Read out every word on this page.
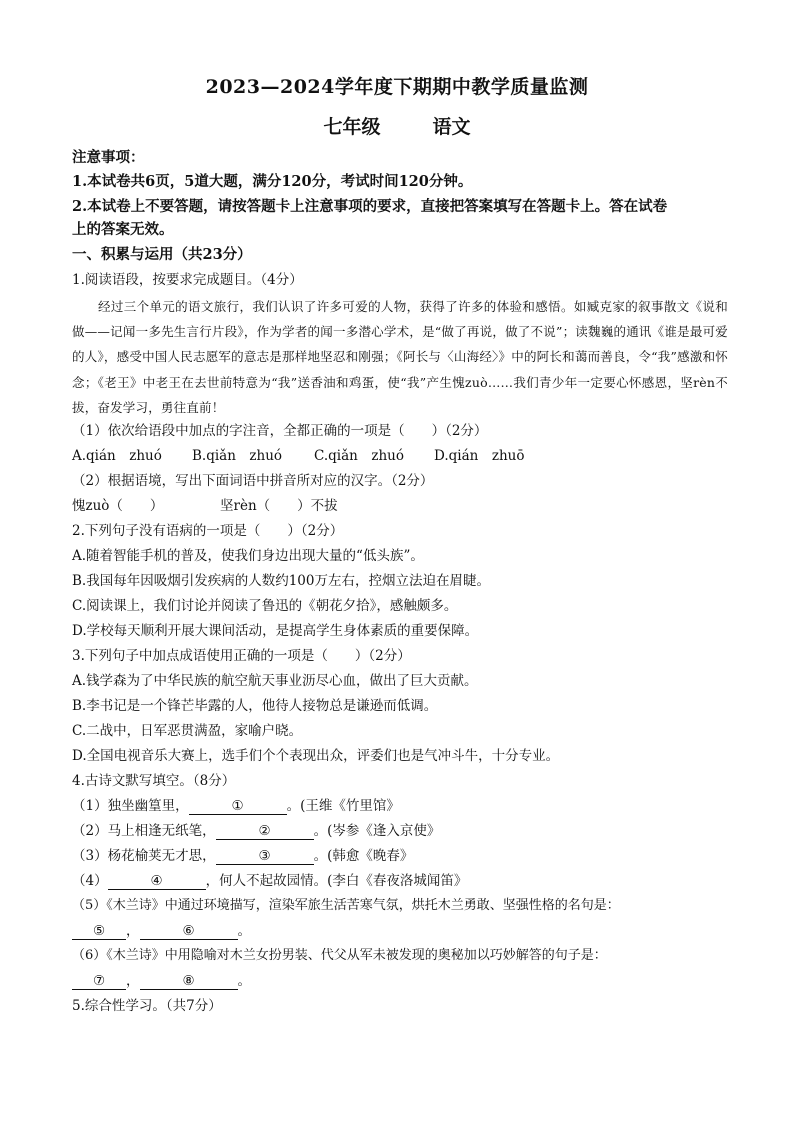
2023—2024学年度下期期中教学质量监测
七年级	语文
注意事项：
1.本试卷共6页，5道大题，满分120分，考试时间120分钟。
2.本试卷上不要答题，请按答题卡上注意事项的要求，直接把答案填写在答题卡上。答在试卷
上的答案无效。
一、积累与运用（共23分）
1.阅读语段，按要求完成题目。（4分）
经过三个单元的语文旅行，我们认识了许多可爱的人物，获得了许多的体验和感悟。如臧克家的叙事散文《说和做——记闻一多先生言行片段》，作为学者的闻一多潜心学术，是“做了再说，做了不说”；读魏巍的通讯《谁是最可爱的人》，感受中国人民志愿军的意志是那样地坚忍和刚强；《阿长与〈山海经〉》中的阿长和蔼而善良，令“我”感激和怀念；《老王》中老王在去世前特意为“我”送香油和鸡蛋，使“我”产生愧zuò……我们青少年一定要心怀感恩，坚rèn不拔，奋发学习，勇往直前！
（1）依次给语段中加点的字注音，全都正确的一项是（　　）（2分）
A.qián　zhuó B.qiǎn　zhuó C.qiǎn　zhuó D.qián　zhuō
（2）根据语境，写出下面词语中拼音所对应的汉字。（2分）
愧zuò（　　）	坚rèn（　　）不拔
2.下列句子没有语病的一项是（　　）（2分）
A.随着智能手机的普及，使我们身边出现大量的“低头族”。
B.我国每年因吸烟引发疾病的人数约100万左右，控烟立法迫在眉睫。
C.阅读课上，我们讨论并阅读了鲁迅的《朝花夕拾》，感触颇多。
D.学校每天顺利开展大课间活动，是提高学生身体素质的重要保障。
3.下列句子中加点成语使用正确的一项是（　　）（2分）
A.钱学森为了中华民族的航空航天事业沥尽心血，做出了巨大贡献。
B.李书记是一个锋芒毕露的人，他待人接物总是谦逊而低调。
C.二战中，日军恶贯满盈，家喻户晓。
D.全国电视音乐大赛上，选手们个个表现出众，评委们也是气冲斗牛，十分专业。
4.古诗文默写填空。（8分）
（1）独坐幽篁里，	①	。(王维《竹里馆》
（2）马上相逢无纸笔，	②	。(岑参《逢入京使》
（3）杨花榆荚无才思，	③	。(韩愈《晚春》
（4）	④	，何人不起故园情。(李白《春夜洛城闻笛》
（5）《木兰诗》中通过环境描写，渲染军旅生活苦寒气氛，烘托木兰勇敢、坚强性格的名句是：
⑤ ，	⑥	。
（6）《木兰诗》中用隐喻对木兰女扮男装、代父从军未被发现的奥秘加以巧妙解答的句子是：
⑦ ，	⑧	。
5.综合性学习。（共7分）
